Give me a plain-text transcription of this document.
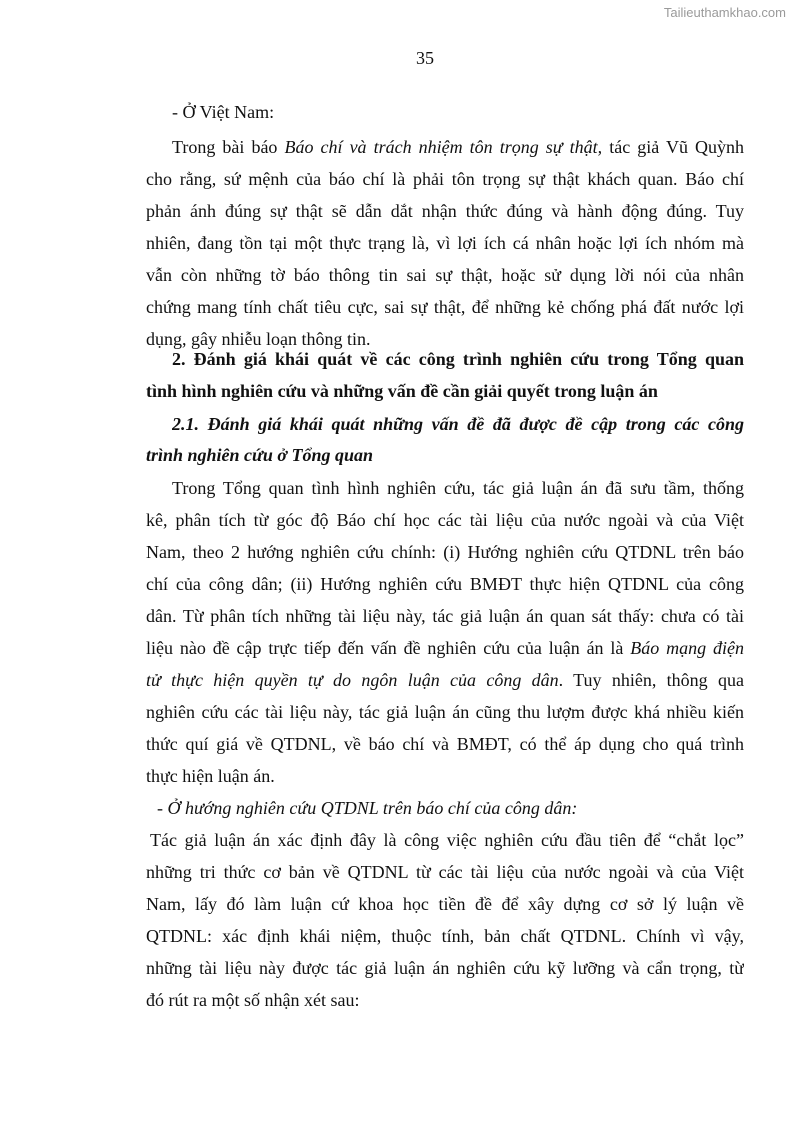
Tailieuthamkhao.com
35
- Ở Việt Nam:
Trong bài báo Báo chí và trách nhiệm tôn trọng sự thật, tác giả Vũ Quỳnh
cho rằng, sứ mệnh của báo chí là phải tôn trọng sự thật khách quan. Báo chí
phản ánh đúng sự thật sẽ dẫn dắt nhận thức đúng và hành động đúng. Tuy
nhiên, đang tồn tại một thực trạng là, vì lợi ích cá nhân hoặc lợi ích nhóm mà
vẫn còn những tờ báo thông tin sai sự thật, hoặc sử dụng lời nói của nhân
chứng mang tính chất tiêu cực, sai sự thật, để những kẻ chống phá đất nước lợi
dụng, gây nhiễu loạn thông tin.
2. Đánh giá khái quát về các công trình nghiên cứu trong Tổng quan
tình hình nghiên cứu và những vấn đề cần giải quyết trong luận án
2.1. Đánh giá khái quát những vấn đề đã được đề cập trong các công
trình nghiên cứu ở Tổng quan
Trong Tổng quan tình hình nghiên cứu, tác giả luận án đã sưu tầm, thống
kê, phân tích từ góc độ Báo chí học các tài liệu của nước ngoài và của Việt
Nam, theo 2 hướng nghiên cứu chính: (i) Hướng nghiên cứu QTDNL trên báo
chí của công dân; (ii) Hướng nghiên cứu BMĐT thực hiện QTDNL của công
dân. Từ phân tích những tài liệu này, tác giả luận án quan sát thấy: chưa có tài
liệu nào đề cập trực tiếp đến vấn đề nghiên cứu của luận án là Báo mạng điện
tử thực hiện quyền tự do ngôn luận của công dân. Tuy nhiên, thông qua
nghiên cứu các tài liệu này, tác giả luận án cũng thu lượm được khá nhiều kiến
thức quí giá về QTDNL, về báo chí và BMĐT, có thể áp dụng cho quá trình
thực hiện luận án.
- Ở hướng nghiên cứu QTDNL trên báo chí của công dân:
Tác giả luận án xác định đây là công việc nghiên cứu đầu tiên để “chắt lọc”
những tri thức cơ bản về QTDNL từ các tài liệu của nước ngoài và của Việt
Nam, lấy đó làm luận cứ khoa học tiền đề để xây dựng cơ sở lý luận về
QTDNL: xác định khái niệm, thuộc tính, bản chất QTDNL. Chính vì vậy,
những tài liệu này được tác giả luận án nghiên cứu kỹ lưỡng và cẩn trọng, từ
đó rút ra một số nhận xét sau:
